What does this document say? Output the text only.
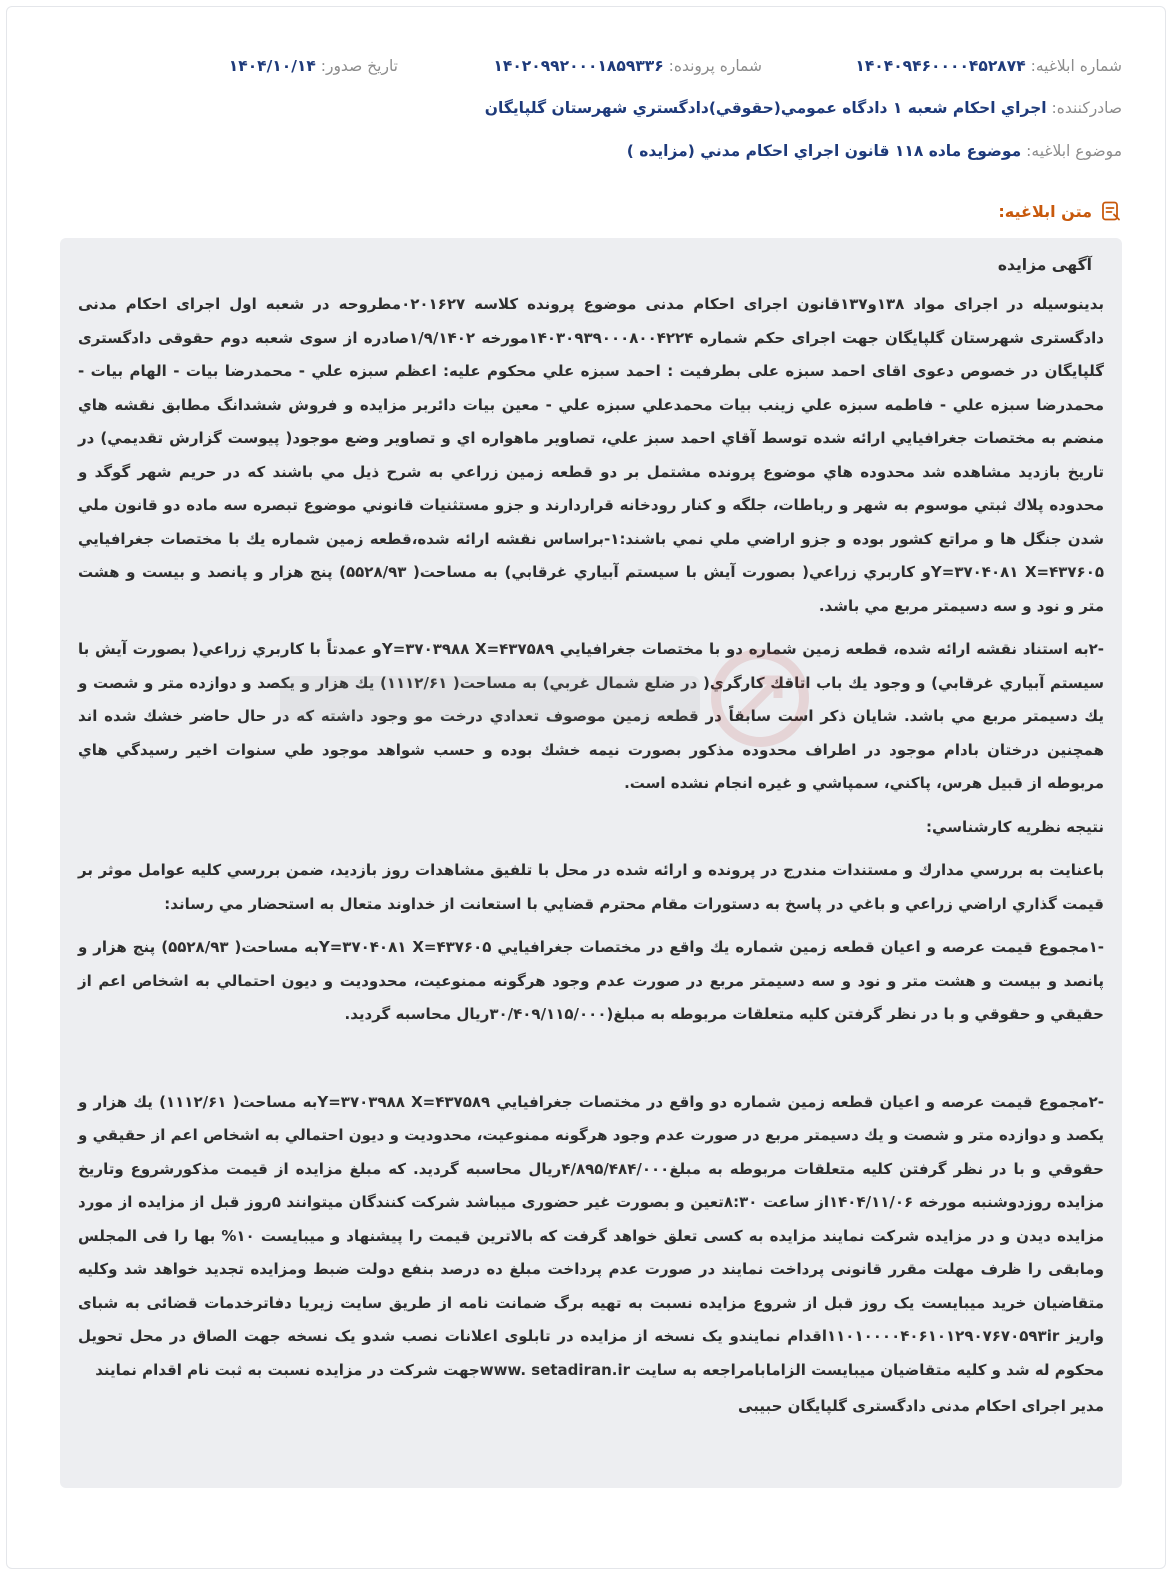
شماره ابلاغيه: ۱۴۰۴۰۹۴۶۰۰۰۰۴۵۲۸۷۴
شماره پرونده: ۱۴۰۲۰۹۹۲۰۰۰۱۸۵۹۳۳۶
تاريخ صدور: ۱۴۰۴/۱۰/۱۴
صادرکننده: اجراي احكام شعبه ۱ دادگاه عمومي(حقوقي)دادگستري شهرستان گلپايگان
موضوع ابلاغيه: موضوع ماده ۱۱۸ قانون اجراي احكام مدني (مزايده )
متن ابلاغيه:
آگهی مزایده

بدینوسیله در اجرای مواد ۱۳۸و۱۳۷قانون اجرای احکام مدنی موضوع پرونده کلاسه ۰۲۰۱۶۲۷مطروحه در شعبه اول اجرای احکام مدنی دادگستری شهرستان گلپایگان جهت اجرای حکم شماره ۱۴۰۳۰۹۳۹۰۰۰۸۰۰۴۲۲۴مورخه ۱/۹/۱۴۰۲صادره از سوی شعبه دوم حقوقی دادگستری گلپایگان در خصوص دعوی اقای احمد سبزه علی بطرفیت : احمد سبزه علي محکوم علیه: اعظم سبزه علي - محمدرضا بیات - الهام بیات - محمدرضا سبزه علي - فاطمه سبزه علي زینب بیات محمدعلي سبزه علي - معین بیات دائربر مزایده و فروش ششدانگ مطابق نقشه هاي منضم به مختصات جغرافیایي ارائه شده توسط آقاي احمد سبز علي، تصاوير ماهواره اي و تصاویر وضع موجود( پیوست گزارش تقدیمي) در تاریخ بازدید مشاهده شد محدوده هاي موضوع پرونده مشتمل بر دو قطعه زمین زراعي به شرح ذيل مي باشند که در حریم شهر گوگد و محدوده پلاك ثبتي موسوم به شهر و رباطات، جلگه و کنار رودخانه قراردارند و جزو مستثنیات قانوني موضوع تبصره سه ماده دو قانون ملي شدن جنگل ها و مراتع کشور بوده و جزو اراضي ملي نمي باشند:۱-براساس نقشه ارائه شده،قطعه زمین شماره یك با مختصات جغرافیایي Y=۳۷۰۴۰۸۱ X=۴۳۷۶۰۵و کاربري زراعي( بصورت آیش با سیستم آبیاري غرقابي) به مساحت( ۵۵۲۸/۹۳) پنج هزار و پانصد و بیست و هشت متر و نود و سه دسیمتر مربع مي باشد.

-۲به استناد نقشه ارائه شده، قطعه زمین شماره دو با مختصات جغرافیایي Y=۳۷۰۳۹۸۸ X=۴۳۷۵۸۹و عمدتاً با کاربري زراعي( بصورت آیش با سیستم آبیاري غرقابي) و وجود یك باب اتاقك کارگري( در ضلع شمال غربي) به مساحت( ۱۱۱۲/۶۱) یك هزار و یکصد و دوازده متر و شصت و یك دسیمتر مربع مي باشد. شایان ذکر است سابقاً در قطعه زمین موصوف تعدادي درخت مو وجود داشته که در حال حاضر خشك شده اند همچنین درختان بادام موجود در اطراف محدوده مذکور بصورت نیمه خشك بوده و حسب شواهد موجود طي سنوات اخیر رسیدگي هاي مربوطه از قبیل هرس، پاکني، سمپاشي و غیره انجام نشده است.

نتیجه نظریه کارشناسي:

باعنایت به بررسي مدارك و مستندات مندرج در پرونده و ارائه شده در محل با تلفیق مشاهدات روز بازدید، ضمن بررسي کلیه عوامل موثر بر قیمت گذاري اراضي زراعي و باغي در پاسخ به دستورات مقام محترم قضایي با استعانت از خداوند متعال به استحضار مي رساند:

-۱مجموع قیمت عرصه و اعیان قطعه زمین شماره یك واقع در مختصات جغرافیایي Y=۳۷۰۴۰۸۱ X=۴۳۷۶۰۵به مساحت( ۵۵۲۸/۹۳) پنج هزار و پانصد و بیست و هشت متر و نود و سه دسیمتر مربع در صورت عدم وجود هرگونه ممنوعیت، محدودیت و دیون احتمالي به اشخاص اعم از حقیقي و حقوقي و با در نظر گرفتن کلیه متعلقات مربوطه به مبلغ(۳۰/۴۰۹/۱۱۵/۰۰۰ريال محاسبه گردید.

-۲مجموع قیمت عرصه و اعیان قطعه زمین شماره دو واقع در مختصات جغرافیایي Y=۳۷۰۳۹۸۸ X=۴۳۷۵۸۹به مساحت( ۱۱۱۲/۶۱) یك هزار و یکصد و دوازده متر و شصت و یك دسیمتر مربع در صورت عدم وجود هرگونه ممنوعیت، محدودیت و دیون احتمالي به اشخاص اعم از حقیقي و حقوقي و با در نظر گرفتن کلیه متعلقات مربوطه به مبلغ۴/۸۹۵/۴۸۴/۰۰۰ريال محاسبه گردید. که مبلغ مزایده از قیمت مذکورشروع وتاريخ مزايده روزدوشنبه مورخه ۱۴۰۴/۱۱/۰۶از ساعت ۸:۳۰تعین و بصورت غير حضوری ميباشد شرکت کنندگان ميتوانند ۵روز قبل از مزايده از مورد مزايده ديدن و در مزايده شرکت نمايند مزايده به کسی تعلق خواهد گرفت که بالاترين قيمت را پيشنهاد و ميبايست ۱۰% بها را فی المجلس ومابقی را ظرف مهلت مقرر قانونی پرداخت نمايند در صورت عدم پرداخت مبلغ ده درصد بنفع دولت ضبط ومزايده تجديد خواهد شد وکليه متقاضيان خريد ميبايست يک روز قبل از شروع مزايده نسبت به تهيه برگ ضمانت نامه از طريق سايت زيريا دفاترخدمات قضائی به شبای واريز ۱۱۰۱۰۰۰۰۴۰۶۱۰۱۲۹۰۷۶۷۰۵۹۳irاقدام نمايندو يک نسخه از مزايده در تابلوی اعلانات نصب شدو يک نسخه جهت الصاق در محل تحويل محکوم له شد و کليه متقاضيان ميبايست الزامابامراجعه به سايت www. setadiran.irجهت شرکت در مزايده نسبت به ثبت نام اقدام نمايند

مدير اجرای احکام مدنی دادگستری گلپايگان حبيبی
